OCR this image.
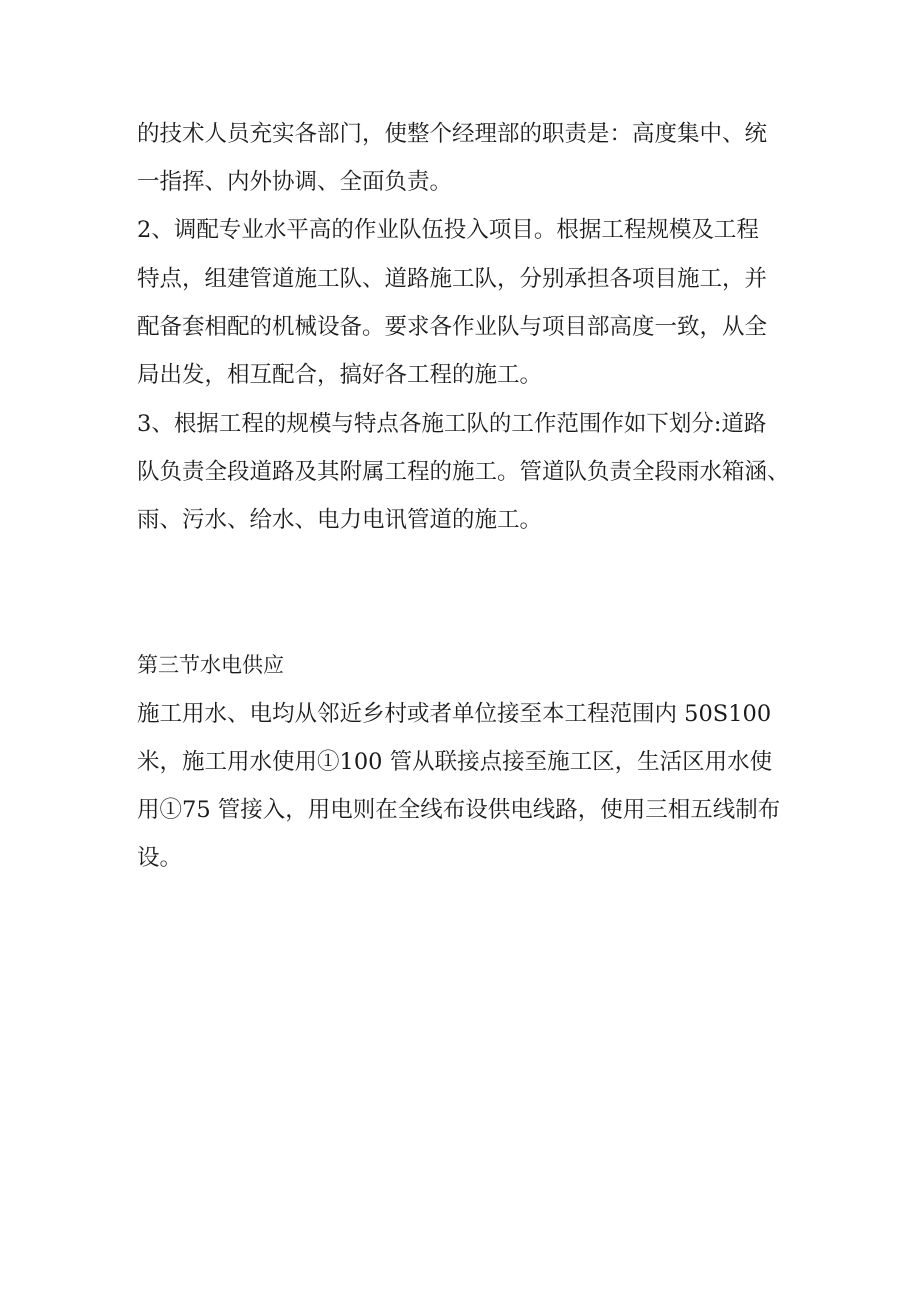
的技术人员充实各部门，使整个经理部的职责是：高度集中、统
一指挥、内外协调、全面负责。
2、调配专业水平高的作业队伍投入项目。根据工程规模及工程
特点，组建管道施工队、道路施工队，分别承担各项目施工，并
配备套相配的机械设备。要求各作业队与项目部高度一致，从全
局出发，相互配合，搞好各工程的施工。
3、根据工程的规模与特点各施工队的工作范围作如下划分:道路
队负责全段道路及其附属工程的施工。管道队负责全段雨水箱涵、
雨、污水、给水、电力电讯管道的施工。
第三节水电供应
施工用水、电均从邻近乡村或者单位接至本工程范围内 50S100
米，施工用水使用①100 管从联接点接至施工区，生活区用水使
用①75 管接入，用电则在全线布设供电线路，使用三相五线制布
设。
